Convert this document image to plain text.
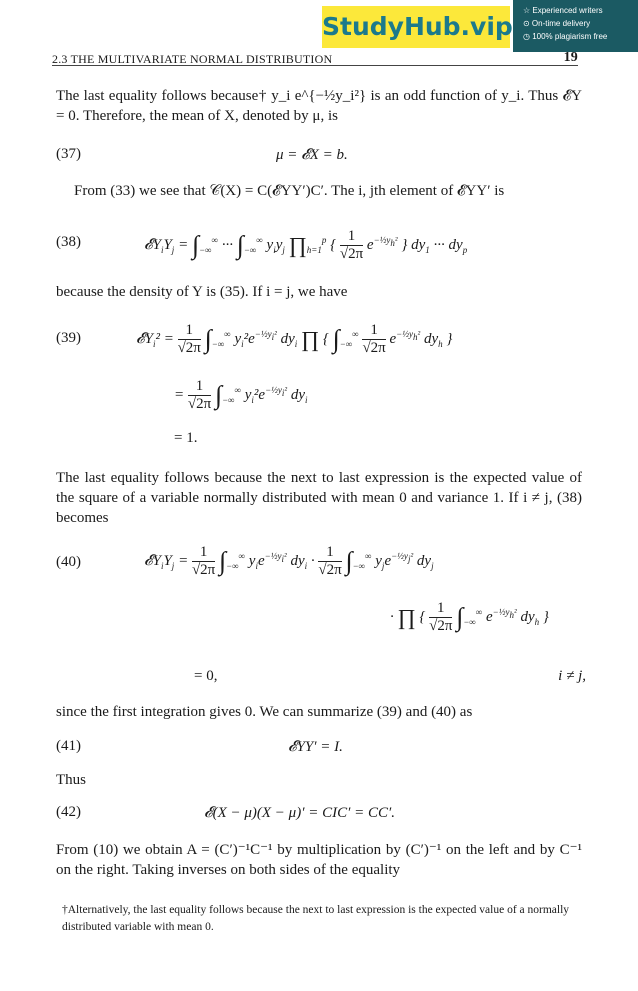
StudyHub.vip
☆ Experienced writers
⊙ On-time delivery
◷ 100% plagiarism free
2.3 THE MULTIVARIATE NORMAL DISTRIBUTION	19
The last equality follows because† y_i e^{−½y_i²} is an odd function of y_i. Thus 𝓔Y = 0. Therefore, the mean of X, denoted by μ, is
(37)	μ = 𝓔X = b.
From (33) we see that 𝒞(X) = C(𝓔YY′)C′. The i, jth element of 𝓔YY′ is
(38)	$𝓔Y_iY_j = \int_{-\infty}^\infty$ ··· $\int_{-\infty}^\infty$ $y_iy_j$ $\prod_{h=1}^p$ { $\frac{1}{√2\pi} e^{-\frac{1}{2}y_h^2}$ } $dy_1$ ··· $dy_p$
because the density of Y is (35). If i = j, we have
(39)	𝓔Y$_i$² = $\frac{1}{√2\pi} \int_{-\infty}^\infty$ $y_i^2e^{-\frac{1}{2}y_i^2}$ $dy_i$ ∏ { $\int_{-\infty}^\infty \frac{1}{√2\pi} e^{-\frac{1}{2}y_h^2}$ $dy_h$ }
= $\frac{1}{√2\pi} \int_{-\infty}^\infty$ $y_i^2e^{-\frac{1}{2}y_i^2}$ $dy_i$
= 1.
The last equality follows because the next to last expression is the expected value of the square of a variable normally distributed with mean 0 and variance 1. If i ≠ j, (38) becomes
(40)	$𝓔Y_iY_j = \frac{1}{√2\pi} \int_{-\infty}^\infty$ $y_ie^{-\frac{1}{2}y_i^2}$ $dy_i \cdot \frac{1}{√2\pi} \int_{-\infty}^\infty$ $y_je^{-\frac{1}{2}y_j^2}$ $dy_j$
· ∏ { $\frac{1}{√2\pi} \int_{-\infty}^\infty$ $e^{-\frac{1}{2}y_h^2}$ $dy_h$ }
= 0,	i ≠ j,
since the first integration gives 0. We can summarize (39) and (40) as
(41)	𝓔YY′ = I.
Thus
(42)	𝓔(X − μ)(X − μ)′ = CIC′ = CC′.
From (10) we obtain A = (C′)⁻¹C⁻¹ by multiplication by (C′)⁻¹ on the left and by C⁻¹ on the right. Taking inverses on both sides of the equality
†Alternatively, the last equality follows because the next to last expression is the expected value of a normally distributed variable with mean 0.
